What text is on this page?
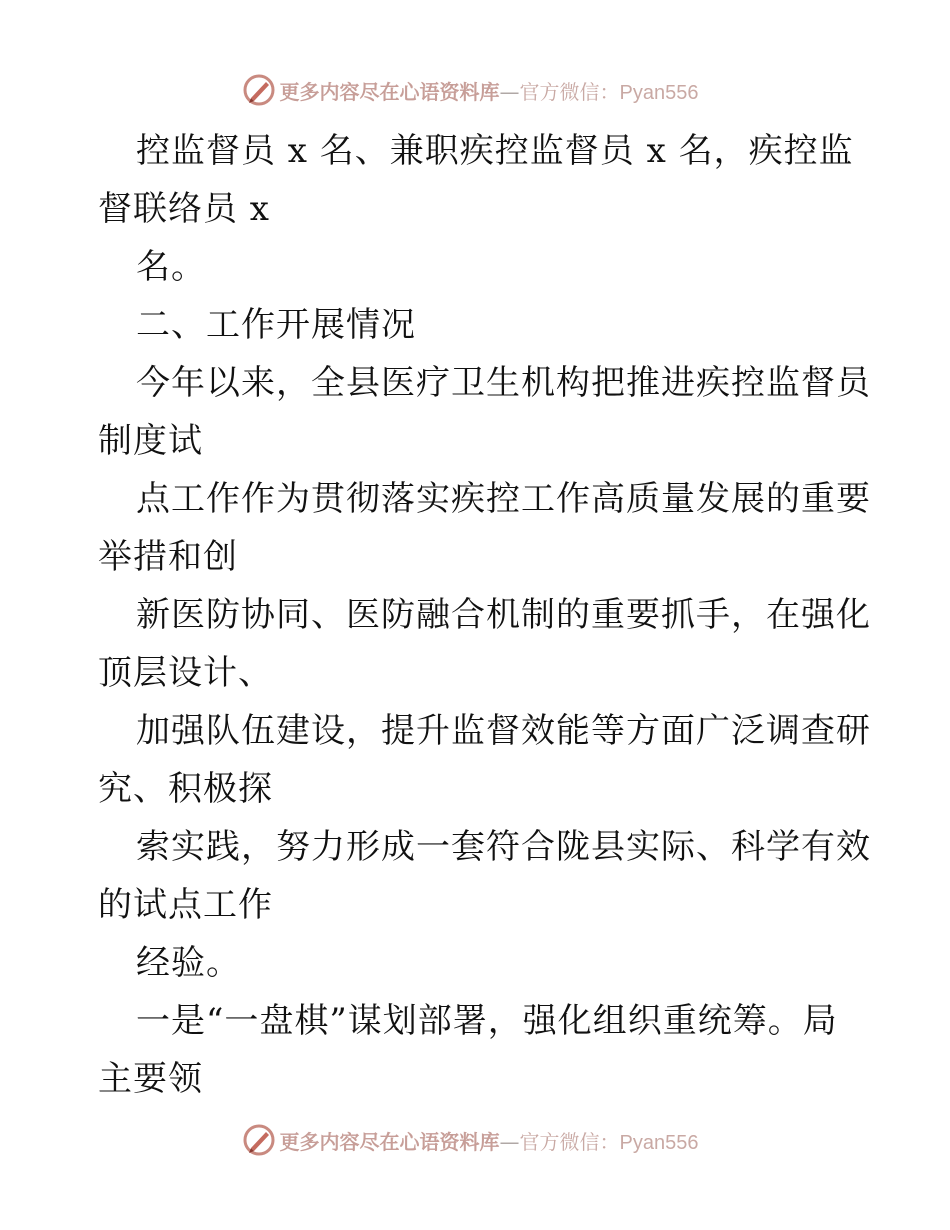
更多内容尽在心语资料库—官方微信：Pyan556
控监督员 x 名、兼职疾控监督员 x 名，疾控监
督联络员 x
名。
二、工作开展情况
今年以来，全县医疗卫生机构把推进疾控监督员
制度试
点工作作为贯彻落实疾控工作高质量发展的重要
举措和创
新医防协同、医防融合机制的重要抓手，在强化
顶层设计、
加强队伍建设，提升监督效能等方面广泛调查研
究、积极探
索实践，努力形成一套符合陇县实际、科学有效
的试点工作
经验。
一是“一盘棋”谋划部署，强化组织重统筹。局
主要领
更多内容尽在心语资料库—官方微信：Pyan556
